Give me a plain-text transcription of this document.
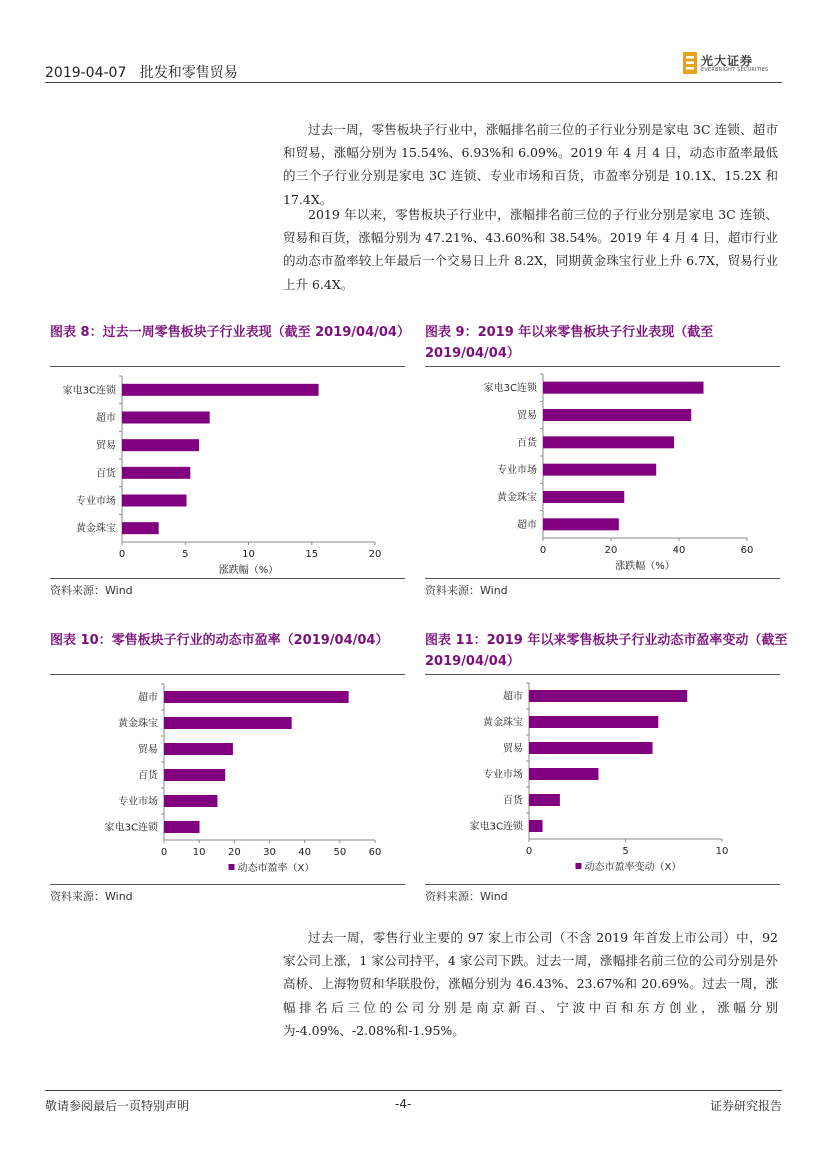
2019-04-07 批发和零售贸易
光大证券
EVERBRIGHT SECURITIES
过去一周，零售板块子行业中，涨幅排名前三位的子行业分别是家电 3C 连锁、超市和贸易，涨幅分别为 15.54%、6.93%和 6.09%。2019 年 4 月 4 日，动态市盈率最低的三个子行业分别是家电 3C 连锁、专业市场和百货，市盈率分别是 10.1X、15.2X 和 17.4X。
2019 年以来，零售板块子行业中，涨幅排名前三位的子行业分别是家电 3C 连锁、贸易和百货，涨幅分别为 47.21%、43.60%和 38.54%。2019 年 4 月 4 日，超市行业的动态市盈率较上年最后一个交易日上升 8.2X，同期黄金珠宝行业上升 6.7X，贸易行业上升 6.4X。
图表 8：过去一周零售板块子行业表现（截至 2019/04/04） 图表 9：2019 年以来零售板块子行业表现（截至 2019/04/04）
家电3C连锁
超市
贸易
百货
专业市场
黄金珠宝
0	5	10	15	20
涨跌幅（%）
家电3C连锁
贸易
百货
专业市场
黄金珠宝
超市
0	20	40	60
涨跌幅（%）
资料来源：Wind	资料来源：Wind
图表 10：零售板块子行业的动态市盈率（2019/04/04）	图表 11：2019 年以来零售板块子行业动态市盈率变动（截至 2019/04/04）
超市
黄金珠宝
贸易
百货
专业市场
家电3C连锁
0	10 20 30 40 50 60
动态市盈率（X）
超市
黄金珠宝
贸易
专业市场
百货
家电3C连锁
0	5	10
动态市盈率变动（X）
资料来源：Wind	资料来源：Wind
过去一周，零售行业主要的 97 家上市公司（不含 2019 年首发上市公司）中，92 家公司上涨，1 家公司持平，4 家公司下跌。过去一周，涨幅排名前三位的公司分别是外高桥、上海物贸和华联股份，涨幅分别为 46.43%、23.67%和 20.69%。过去一周，涨幅排名后三位的公司分别是南京新百、宁波中百和东方创业，涨幅分别为-4.09%、-2.08%和-1.95%。
敬请参阅最后一页特别声明	-4-	证券研究报告
